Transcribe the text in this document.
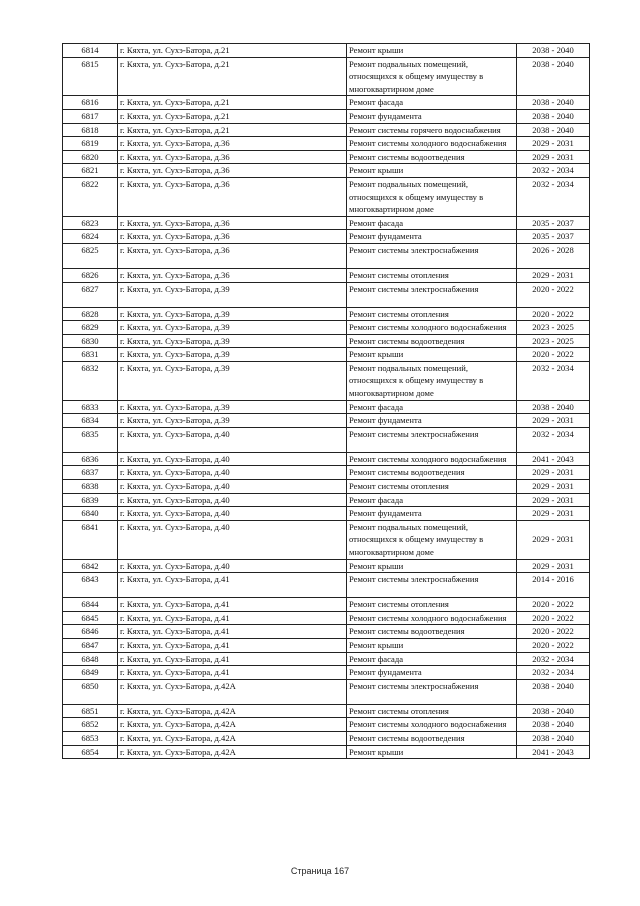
6814	г. Кяхта, ул. Сухэ-Батора, д.21	Ремонт крыши	2038 - 2040
6815	г. Кяхта, ул. Сухэ-Батора, д.21	Ремонт подвальных помещений, относящихся к общему имуществу в многоквартирном доме	2038 - 2040
6816	г. Кяхта, ул. Сухэ-Батора, д.21	Ремонт фасада	2038 - 2040
6817	г. Кяхта, ул. Сухэ-Батора, д.21	Ремонт фундамента	2038 - 2040
6818	г. Кяхта, ул. Сухэ-Батора, д.21	Ремонт системы горячего водоснабжения	2038 - 2040
6819	г. Кяхта, ул. Сухэ-Батора, д.36	Ремонт системы холодного водоснабжения	2029 - 2031
6820	г. Кяхта, ул. Сухэ-Батора, д.36	Ремонт системы водоотведения	2029 - 2031
6821	г. Кяхта, ул. Сухэ-Батора, д.36	Ремонт крыши	2032 - 2034
6822	г. Кяхта, ул. Сухэ-Батора, д.36	Ремонт подвальных помещений, относящихся к общему имуществу в многоквартирном доме	2032 - 2034
6823	г. Кяхта, ул. Сухэ-Батора, д.36	Ремонт фасада	2035 - 2037
6824	г. Кяхта, ул. Сухэ-Батора, д.36	Ремонт фундамента	2035 - 2037
6825	г. Кяхта, ул. Сухэ-Батора, д.36	Ремонт системы электроснабжения	2026 - 2028
6826	г. Кяхта, ул. Сухэ-Батора, д.36	Ремонт системы отопления	2029 - 2031
6827	г. Кяхта, ул. Сухэ-Батора, д.39	Ремонт системы электроснабжения	2020 - 2022
6828	г. Кяхта, ул. Сухэ-Батора, д.39	Ремонт системы отопления	2020 - 2022
6829	г. Кяхта, ул. Сухэ-Батора, д.39	Ремонт системы холодного водоснабжения	2023 - 2025
6830	г. Кяхта, ул. Сухэ-Батора, д.39	Ремонт системы водоотведения	2023 - 2025
6831	г. Кяхта, ул. Сухэ-Батора, д.39	Ремонт крыши	2020 - 2022
6832	г. Кяхта, ул. Сухэ-Батора, д.39	Ремонт подвальных помещений, относящихся к общему имуществу в многоквартирном доме	2032 - 2034
6833	г. Кяхта, ул. Сухэ-Батора, д.39	Ремонт фасада	2038 - 2040
6834	г. Кяхта, ул. Сухэ-Батора, д.39	Ремонт фундамента	2029 - 2031
6835	г. Кяхта, ул. Сухэ-Батора, д.40	Ремонт системы электроснабжения	2032 - 2034
6836	г. Кяхта, ул. Сухэ-Батора, д.40	Ремонт системы холодного водоснабжения	2041 - 2043
6837	г. Кяхта, ул. Сухэ-Батора, д.40	Ремонт системы водоотведения	2029 - 2031
6838	г. Кяхта, ул. Сухэ-Батора, д.40	Ремонт системы отопления	2029 - 2031
6839	г. Кяхта, ул. Сухэ-Батора, д.40	Ремонт фасада	2029 - 2031
6840	г. Кяхта, ул. Сухэ-Батора, д.40	Ремонт фундамента	2029 - 2031
6841	г. Кяхта, ул. Сухэ-Батора, д.40	Ремонт подвальных помещений, относящихся к общему имуществу в многоквартирном доме	2029 - 2031
6842	г. Кяхта, ул. Сухэ-Батора, д.40	Ремонт крыши	2029 - 2031
6843	г. Кяхта, ул. Сухэ-Батора, д.41	Ремонт системы электроснабжения	2014 - 2016
6844	г. Кяхта, ул. Сухэ-Батора, д.41	Ремонт системы отопления	2020 - 2022
6845	г. Кяхта, ул. Сухэ-Батора, д.41	Ремонт системы холодного водоснабжения	2020 - 2022
6846	г. Кяхта, ул. Сухэ-Батора, д.41	Ремонт системы водоотведения	2020 - 2022
6847	г. Кяхта, ул. Сухэ-Батора, д.41	Ремонт крыши	2020 - 2022
6848	г. Кяхта, ул. Сухэ-Батора, д.41	Ремонт фасада	2032 - 2034
6849	г. Кяхта, ул. Сухэ-Батора, д.41	Ремонт фундамента	2032 - 2034
6850	г. Кяхта, ул. Сухэ-Батора, д.42А	Ремонт системы электроснабжения	2038 - 2040
6851	г. Кяхта, ул. Сухэ-Батора, д.42А	Ремонт системы отопления	2038 - 2040
6852	г. Кяхта, ул. Сухэ-Батора, д.42А	Ремонт системы холодного водоснабжения	2038 - 2040
6853	г. Кяхта, ул. Сухэ-Батора, д.42А	Ремонт системы водоотведения	2038 - 2040
6854	г. Кяхта, ул. Сухэ-Батора, д.42А	Ремонт крыши	2041 - 2043
Страница 167
